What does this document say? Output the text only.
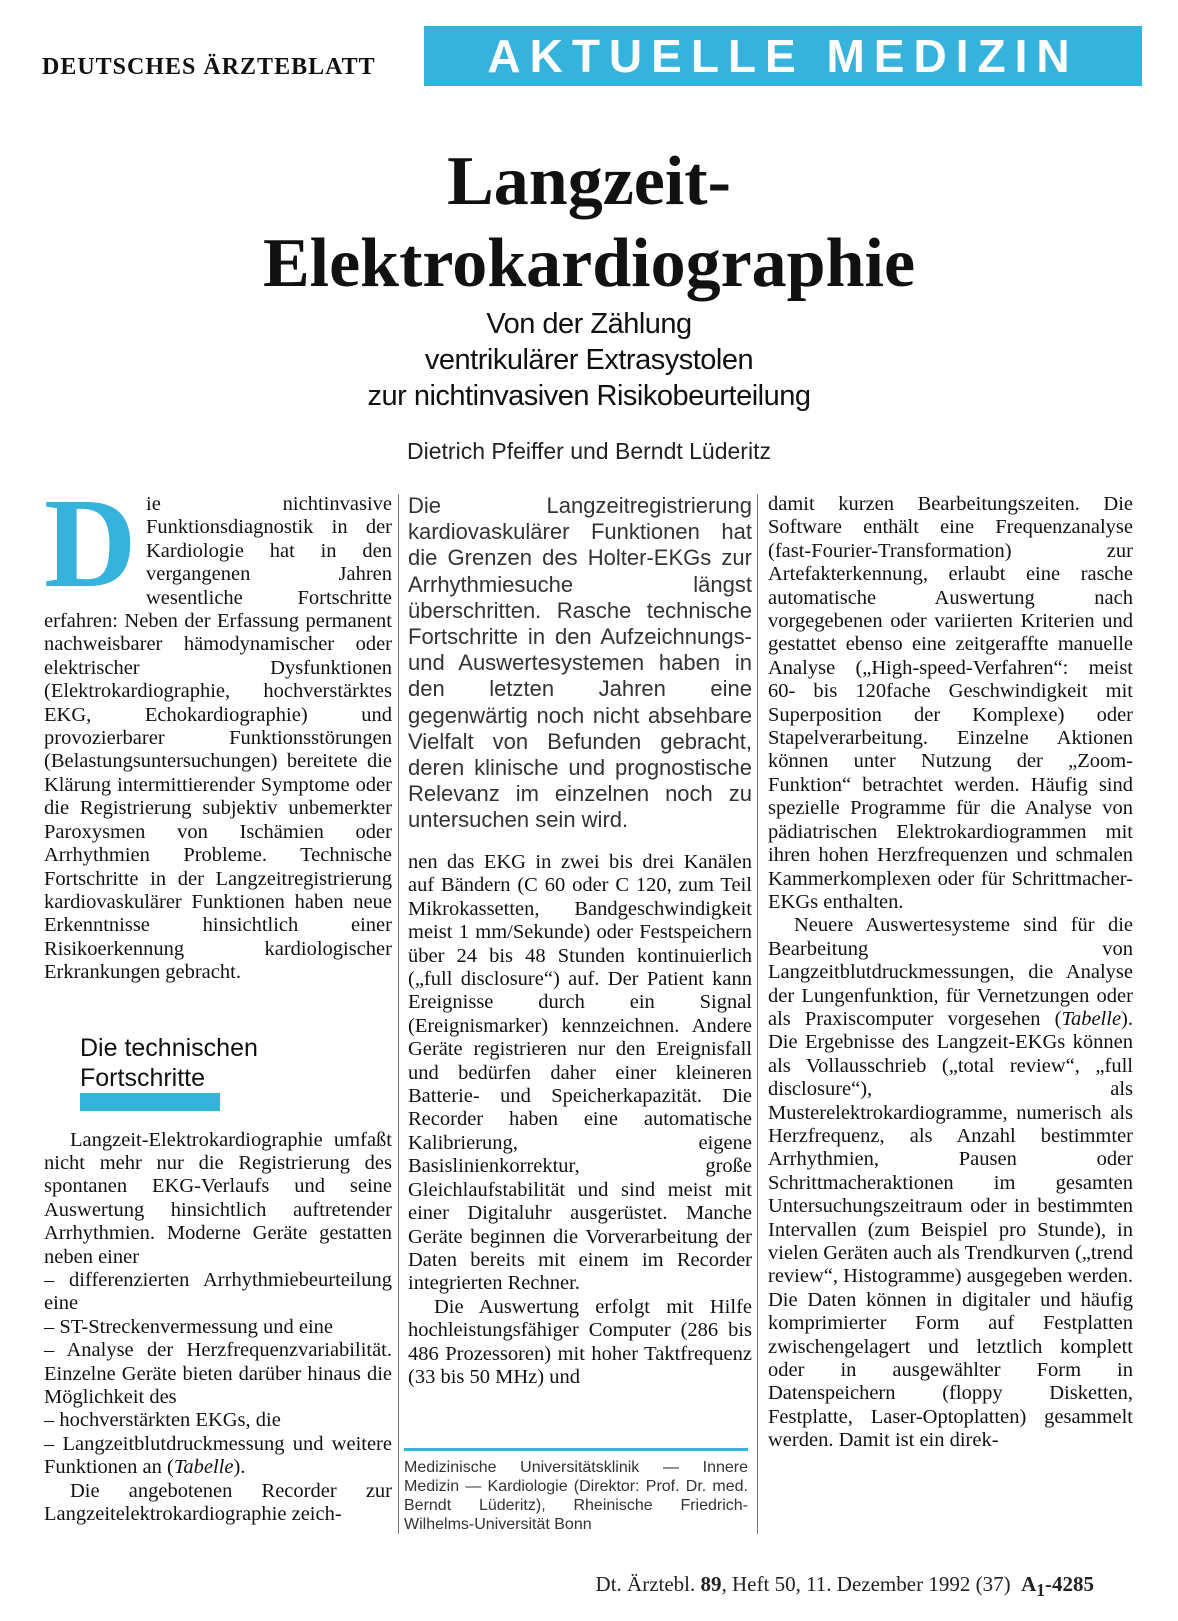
DEUTSCHES ÄRZTEBLATT	AKTUELLE MEDIZIN
Langzeit-
Elektrokardiographie
Von der Zählung
ventrikulärer Extrasystolen
zur nichtinvasiven Risikobeurteilung
Dietrich Pfeiffer und Berndt Lüderitz
D ie nichtinvasive Funktionsdiagnostik in der Kardiologie hat in den vergangenen Jahren wesentliche Fortschritte erfahren: Neben der Erfassung permanent nachweisbarer hämodynamischer oder elektrischer Dysfunktionen (Elektrokardiographie, hochverstärktes EKG, Echokardiographie) und provozierbarer Funktionsstörungen (Belastungsuntersuchungen) bereitete die Klärung intermittierender Symptome oder die Registrierung subjektiv unbemerkter Paroxysmen von Ischämien oder Arrhythmien Probleme. Technische Fortschritte in der Langzeitregistrierung kardiovaskulärer Funktionen haben neue Erkenntnisse hinsichtlich einer Risikoerkennung kardiologischer Erkrankungen gebracht.

Die technischen
Fortschritte

Langzeit-Elektrokardiographie umfaßt nicht mehr nur die Registrierung des spontanen EKG-Verlaufs und seine Auswertung hinsichtlich auftretender Arrhythmien. Moderne Geräte gestatten neben einer

– differenzierten Arrhythmiebeurteilung eine

– ST-Streckenvermessung und eine

– Analyse der Herzfrequenzvariabilität. Einzelne Geräte bieten darüber hinaus die Möglichkeit des

– hochverstärkten EKGs, die

– Langzeitblutdruckmessung und weitere Funktionen an (Tabelle).

Die angebotenen Recorder zur Langzeitelektrokardiographie zeich-

Die Langzeitregistrierung kardiovaskulärer Funktionen hat die Grenzen des Holter-EKGs zur Arrhythmiesuche längst überschritten. Rasche technische Fortschritte in den Aufzeichnungs- und Auswertesystemen haben in den letzten Jahren eine gegenwärtig noch nicht absehbare Vielfalt von Befunden gebracht, deren klinische und prognostische Relevanz im einzelnen noch zu untersuchen sein wird.

nen das EKG in zwei bis drei Kanälen auf Bändern (C 60 oder C 120, zum Teil Mikrokassetten, Bandgeschwindigkeit meist 1 mm/Sekunde) oder Festspeichern über 24 bis 48 Stunden kontinuierlich („full disclosure“) auf. Der Patient kann Ereignisse durch ein Signal (Ereignismarker) kennzeichnen. Andere Geräte registrieren nur den Ereignisfall und bedürfen daher einer kleineren Batterie- und Speicherkapazität. Die Recorder haben eine automatische Kalibrierung, eigene Basislinienkorrektur, große Gleichlaufstabilität und sind meist mit einer Digitaluhr ausgerüstet. Manche Geräte beginnen die Vorverarbeitung der Daten bereits mit einem im Recorder integrierten Rechner.

Die Auswertung erfolgt mit Hilfe hochleistungsfähiger Computer (286 bis 486 Prozessoren) mit hoher Taktfrequenz (33 bis 50 MHz) und

Medizinische Universitätsklinik — Innere Medizin — Kardiologie (Direktor: Prof. Dr. med. Berndt Lüderitz), Rheinische Friedrich-Wilhelms-Universität Bonn

damit kurzen Bearbeitungszeiten. Die Software enthält eine Frequenzanalyse (fast-Fourier-Transformation) zur Artefakterkennung, erlaubt eine rasche automatische Auswertung nach vorgegebenen oder variierten Kriterien und gestattet ebenso eine zeitgeraffte manuelle Analyse („High-speed-Verfahren“: meist 60- bis 120fache Geschwindigkeit mit Superposition der Komplexe) oder Stapelverarbeitung. Einzelne Aktionen können unter Nutzung der „Zoom-Funktion“ betrachtet werden. Häufig sind spezielle Programme für die Analyse von pädiatrischen Elektrokardiogrammen mit ihren hohen Herzfrequenzen und schmalen Kammerkomplexen oder für Schrittmacher-EKGs enthalten.

Neuere Auswertesysteme sind für die Bearbeitung von Langzeitblutdruckmessungen, die Analyse der Lungenfunktion, für Vernetzungen oder als Praxiscomputer vorgesehen (Tabelle). Die Ergebnisse des Langzeit-EKGs können als Vollausschrieb („total review“, „full disclosure“), als Musterelektrokardiogramme, numerisch als Herzfrequenz, als Anzahl bestimmter Arrhythmien, Pausen oder Schrittmacheraktionen im gesamten Untersuchungszeitraum oder in bestimmten Intervallen (zum Beispiel pro Stunde), in vielen Geräten auch als Trendkurven („trend review“, Histogramme) ausgegeben werden. Die Daten können in digitaler und häufig komprimierter Form auf Festplatten zwischengelagert und letztlich komplett oder in ausgewählter Form in Datenspeichern (floppy Disketten, Festplatte, Laser-Optoplatten) gesammelt werden. Damit ist ein direk-

Dt. Ärztebl. 89, Heft 50, 11. Dezember 1992 (37) $A_1-4285$
